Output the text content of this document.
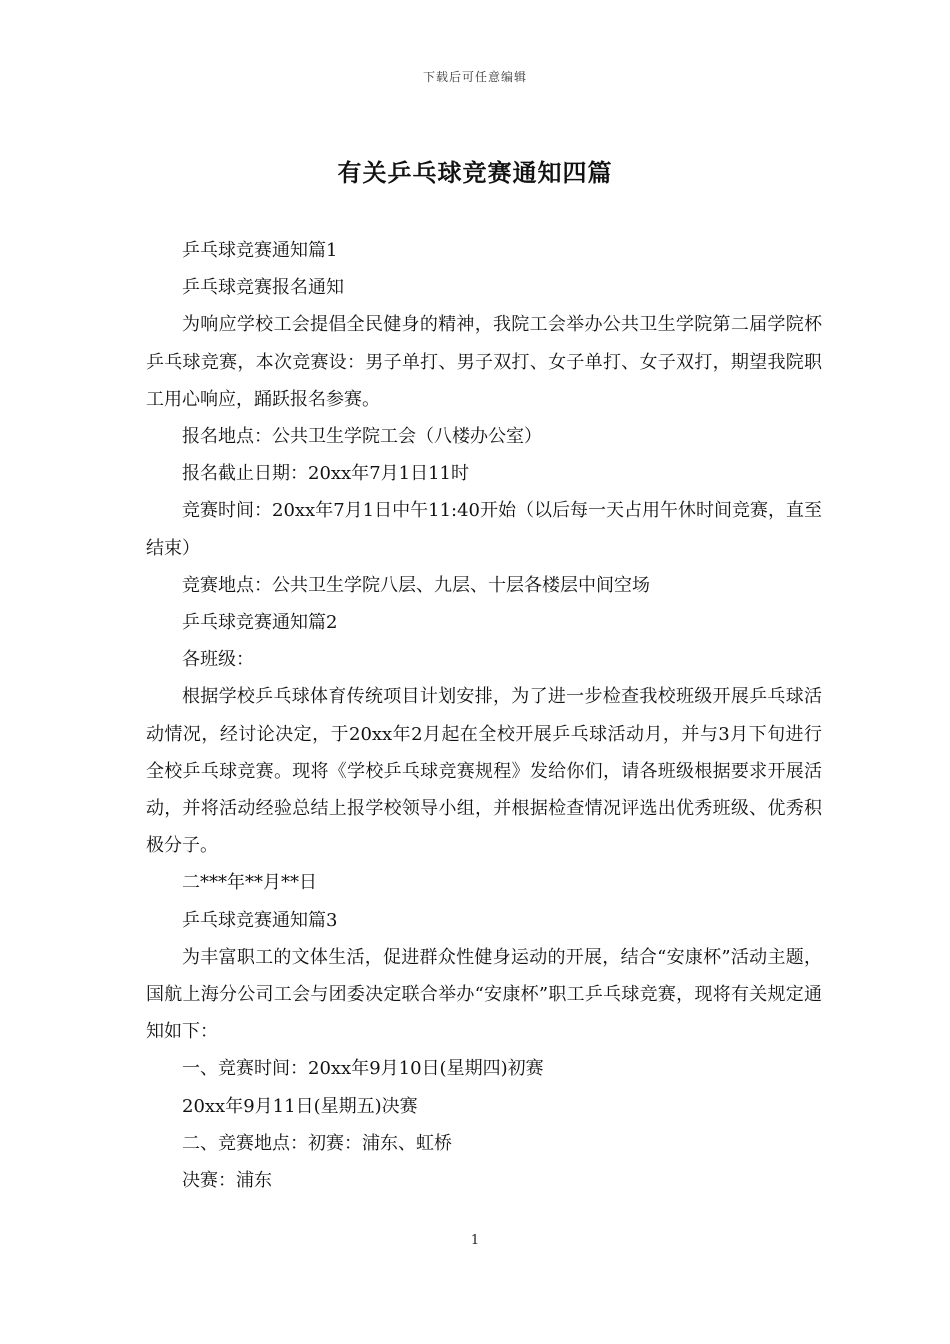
下载后可任意编辑
有关乒乓球竞赛通知四篇

乒乓球竞赛通知篇1

乒乓球竞赛报名通知

为响应学校工会提倡全民健身的精神，我院工会举办公共卫生学院第二届学院杯乒乓球竞赛，本次竞赛设：男子单打、男子双打、女子单打、女子双打，期望我院职工用心响应，踊跃报名参赛。

报名地点：公共卫生学院工会（八楼办公室）

报名截止日期：20xx年7月1日11时

竞赛时间：20xx年7月1日中午11:40开始（以后每一天占用午休时间竞赛，直至结束）

竞赛地点：公共卫生学院八层、九层、十层各楼层中间空场

乒乓球竞赛通知篇2

各班级：

根据学校乒乓球体育传统项目计划安排，为了进一步检查我校班级开展乒乓球活动情况，经讨论决定，于20xx年2月起在全校开展乒乓球活动月，并与3月下旬进行全校乒乓球竞赛。现将《学校乒乓球竞赛规程》发给你们，请各班级根据要求开展活动，并将活动经验总结上报学校领导小组，并根据检查情况评选出优秀班级、优秀积极分子。

二***年**月**日

乒乓球竞赛通知篇3

为丰富职工的文体生活，促进群众性健身运动的开展，结合“安康杯”活动主题，国航上海分公司工会与团委决定联合举办“安康杯”职工乒乓球竞赛，现将有关规定通知如下：

一、竞赛时间：20xx年9月10日(星期四)初赛

20xx年9月11日(星期五)决赛

二、竞赛地点：初赛：浦东、虹桥

决赛：浦东

1
